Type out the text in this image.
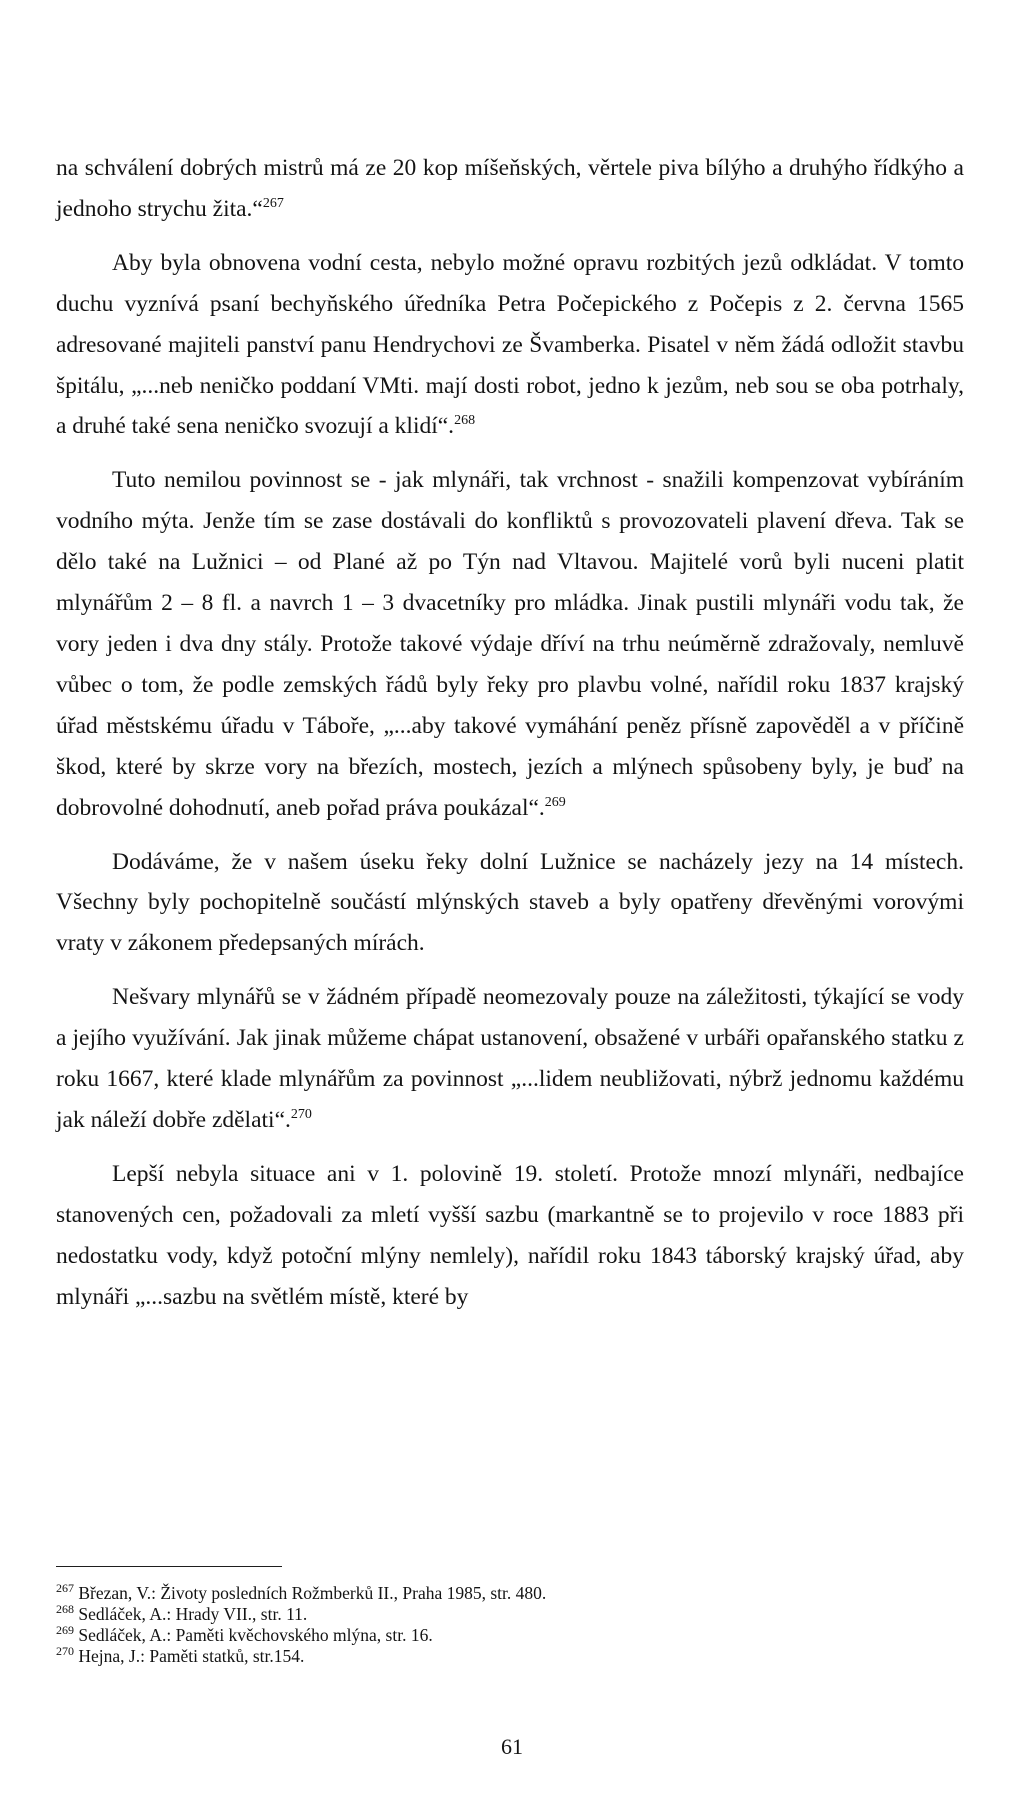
na schválení dobrých mistrů má ze 20 kop míšeňských, věrtele piva bílýho a druhýho řídkýho a jednoho strychu žita.“$^{267}$

Aby byla obnovena vodní cesta, nebylo možné opravu rozbitých jezů odkládat. V tomto duchu vyznívá psaní bechyňského úředníka Petra Počepického z Počepis z 2. června 1565 adresované majiteli panství panu Hendrychovi ze Švamberka. Pisatel v něm žádá odložit stavbu špitálu, „...neb neničko poddaní VMti. mají dosti robot, jedno k jezům, neb sou se oba potrhaly, a druhé také sena neničko svozují a klidí“.$^{268}$

Tuto nemilou povinnost se - jak mlynáři, tak vrchnost - snažili kompenzovat vybíráním vodního mýta. Jenže tím se zase dostávali do konfliktů s provozovateli plavení dřeva. Tak se dělo také na Lužnici – od Plané až po Týn nad Vltavou. Majitelé vorů byli nuceni platit mlynářům 2 – 8 fl. a navrch 1 – 3 dvacetníky pro mládka. Jinak pustili mlynáři vodu tak, že vory jeden i dva dny stály. Protože takové výdaje dříví na trhu neúměrně zdražovaly, nemluvě vůbec o tom, že podle zemských řádů byly řeky pro plavbu volné, nařídil roku 1837 krajský úřad městskému úřadu v Táboře, „...aby takové vymáhání peněz přísně zapověděl a v příčině škod, které by skrze vory na březích, mostech, jezích a mlýnech spůsobeny byly, je buď na dobrovolné dohodnutí, aneb pořad práva poukázal“.$^{269}$

Dodáváme, že v našem úseku řeky dolní Lužnice se nacházely jezy na 14 místech. Všechny byly pochopitelně součástí mlýnských staveb a byly opatřeny dřevěnými vorovými vraty v zákonem předepsaných mírách.

Nešvary mlynářů se v žádném případě neomezovaly pouze na záležitosti, týkající se vody a jejího využívání. Jak jinak můžeme chápat ustanovení, obsažené v urbáři opařanského statku z roku 1667, které klade mlynářům za povinnost „...lidem neubližovati, nýbrž jednomu každému jak náleží dobře zdělati“.$^{270}$

Lepší nebyla situace ani v 1. polovině 19. století. Protože mnozí mlynáři, nedbajíce stanovených cen, požadovali za mletí vyšší sazbu (markantně se to projevilo v roce 1883 při nedostatku vody, když potoční mlýny nemlely), nařídil roku 1843 táborský krajský úřad, aby mlynáři „...sazbu na světlém místě, které by

$^{267}$ Březan, V.: Životy posledních Rožmberků II., Praha 1985, str. 480.
$^{268}$ Sedláček, A.: Hrady VII., str. 11.
$^{269}$ Sedláček, A.: Paměti kvěchovského mlýna, str. 16.
$^{270}$ Hejna, J.: Paměti statků, str.154.
61
